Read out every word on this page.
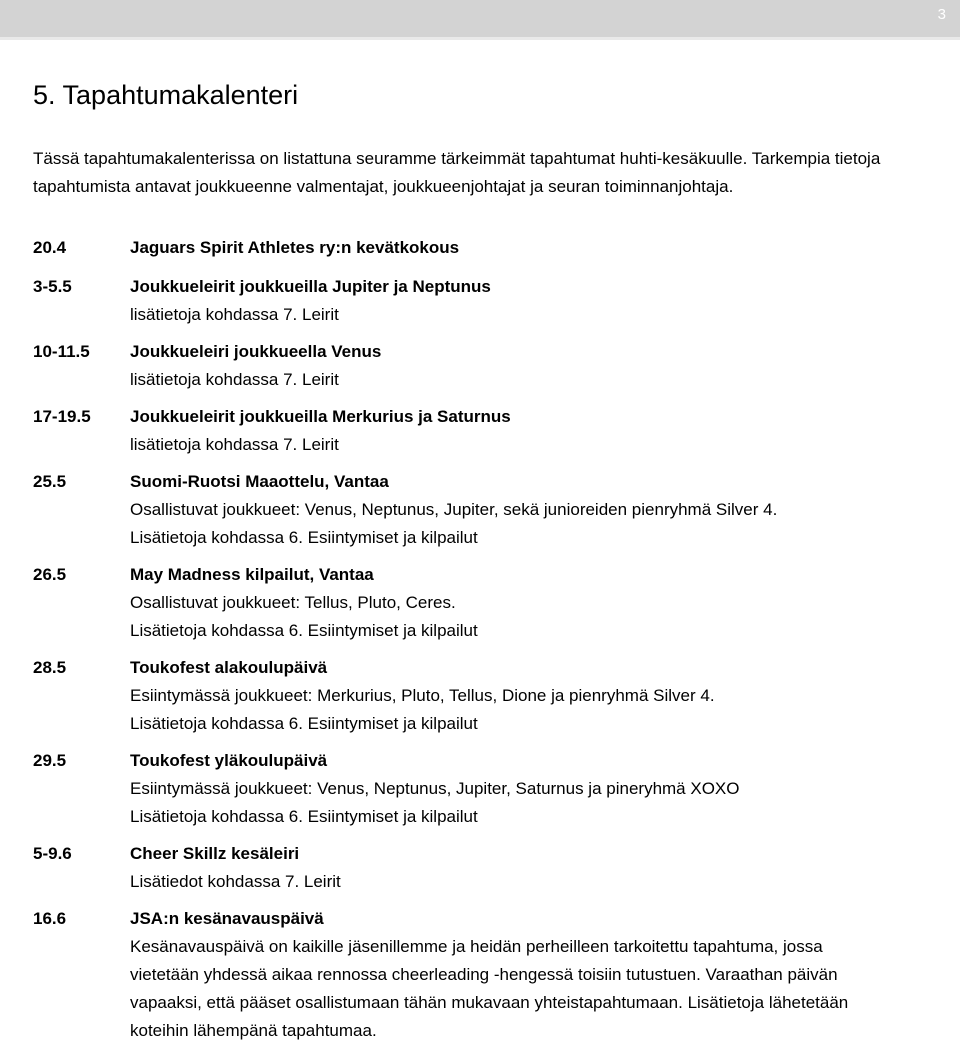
3
5. Tapahtumakalenteri

Tässä tapahtumakalenterissa on listattuna seuramme tärkeimmät tapahtumat huhti-kesäkuulle. Tarkempia tietoja tapahtumista antavat joukkueenne valmentajat, joukkueenjohtajat ja seuran toiminnanjohtaja.

20.4	Jaguars Spirit Athletes ry:n kevätkokous
3-5.5	Joukkueleirit joukkueilla Jupiter ja Neptunus
lisätietoja kohdassa 7. Leirit
10-11.5 Joukkueleiri joukkueella Venus
lisätietoja kohdassa 7. Leirit
17-19.5 Joukkueleirit joukkueilla Merkurius ja Saturnus
lisätietoja kohdassa 7. Leirit
25.5	Suomi-Ruotsi Maaottelu, Vantaa
Osallistuvat joukkueet: Venus, Neptunus, Jupiter, sekä junioreiden pienryhmä Silver 4.
Lisätietoja kohdassa 6. Esiintymiset ja kilpailut
26.5	May Madness kilpailut, Vantaa
Osallistuvat joukkueet: Tellus, Pluto, Ceres.
Lisätietoja kohdassa 6. Esiintymiset ja kilpailut
28.5	Toukofest alakoulupäivä
Esiintymässä joukkueet: Merkurius, Pluto, Tellus, Dione ja pienryhmä Silver 4.
Lisätietoja kohdassa 6. Esiintymiset ja kilpailut
29.5	Toukofest yläkoulupäivä
Esiintymässä joukkueet: Venus, Neptunus, Jupiter, Saturnus ja pineryhmä XOXO
Lisätietoja kohdassa 6. Esiintymiset ja kilpailut
5-9.6	Cheer Skillz kesäleiri
Lisätiedot kohdassa 7. Leirit
16.6	JSA:n kesänavauspäivä
Kesänavauspäivä on kaikille jäsenillemme ja heidän perheilleen tarkoitettu tapahtuma, jossa
vietetään yhdessä aikaa rennossa cheerleading -hengessä toisiin tutustuen. Varaathan päivän
vapaaksi, että pääset osallistumaan tähän mukavaan yhteistapahtumaan. Lisätietoja lähetetään
koteihin lähempänä tapahtumaa.
